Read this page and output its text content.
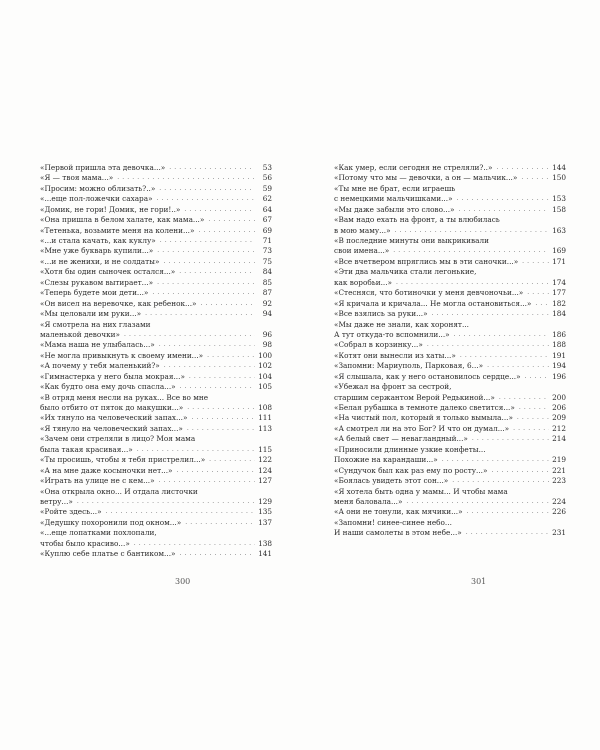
«Первой пришла эта девочка...» . . .	53
«Я — твоя мама...» . . .	56
«Просим: можно облизать?..» . . .	59
«...еще пол-ложечки сахара» . . .	62
«Домик, не гори! Домик, не гори!..» . . .	64
«Она пришла в белом халате, как мама...» . . .	67
«Тетенька, возьмите меня на колени...» . . .	69
«...и стала качать, как куклу» . . .	71
«Мне уже букварь купили...» . . .	73
«...и не женихи, и не солдаты» . . .	75
«Хотя бы один сыночек остался...» . . .	84
«Слезы рукавом вытирает...» . . .	85
«Теперь будете мои дети...» . . .	87
«Он висел на веревочке, как ребенок...» . . .	92
«Мы целовали им руки...» . . .	94
«Я смотрела на них глазами
маленькой девочки» . . .	96
«Мама наша не улыбалась...» . . .	98
«Не могла привыкнуть к своему имени...» . . .	100
«А почему у тебя маленький?» . . .	102
«Гимнастерка у него была мокрая...» . . .	104
«Как будто она ему дочь спасла...» . . .	105
«В отряд меня несли на руках... Все во мне
было отбито от пяток до макушки...» . . .	108
«Их тянуло на человеческий запах...» . . .	111
«Я тянуло на человеческий запах...» . . .	113
«Зачем они стреляли в лицо? Моя мама
была такая красивая...» . . .	115
«Ты просишь, чтобы я тебя пристрелил...» . . .	122
«А на мне даже косыночки нет...» . . .	124
«Играть на улице не с кем...» . . .	127
«Она открыла окно... И отдала листочки
ветру...» . . .	129
«Ройте здесь...» . . .	135
«Дедушку похоронили под окном...» . . .	137
«...еще лопатками похлопали,
чтобы было красиво...» . . .	138
«Куплю себе платье с бантиком...» . . .	141
«Как умер, если сегодня не стреляли?..» . . .	144
«Потому что мы — девочки, а он — мальчик...» . . .	150
«Ты мне не брат, если играешь
с немецкими мальчишками...» . . .	153
«Мы даже забыли это слово...» . . .	158
«Вам надо ехать на фронт, а ты влюбилась
в мою маму...» . . .	163
«В последние минуты они выкрикивали
свои имена...» . . .	169
«Все вчетвером впряглись мы в эти саночки...» . . .	171
«Эти два мальчика стали легонькие,
как воробьи...» . . .	174
«Стесняся, что ботиночки у меня девчоночьи...» . . .	177
«Я кричала и кричала... Не могла остановиться...» . . .	182
«Все взялись за руки...» . . .	184
«Мы даже не знали, как хоронят...
А тут откуда-то вспомнили...» . . .	186
«Собрал в корзинку...» . . .	188
«Котят они вынесли из хаты...» . . .	191
«Запомни: Мариуполь, Парковая, 6...» . . .	194
«Я слышала, как у него остановилось сердце...» . . .	196
«Убежал на фронт за сестрой,
старшим сержантом Верой Редькиной...» . . .	200
«Белая рубашка в темноте далеко светится...» . . .	206
«На чистый пол, который я только вымыла...» . . .	209
«А смотрел ли на это Бог? И что он думал...» . . .	212
«А белый свет — невагландный...» . . .	214
«Приносили длинные узкие конфеты...
Похожие на карандаши...» . . .	219
«Сундучок был как раз ему по росту...» . . .	221
«Боялась увидеть этот сон...» . . .	223
«Я хотела быть одна у мамы... И чтобы мама
меня баловала...» . . .	224
«А они не тонули, как мячики...» . . .	226
«Запомни! синее-синее небо...
И наши самолеты в этом небе...» . . .	231
300	301
